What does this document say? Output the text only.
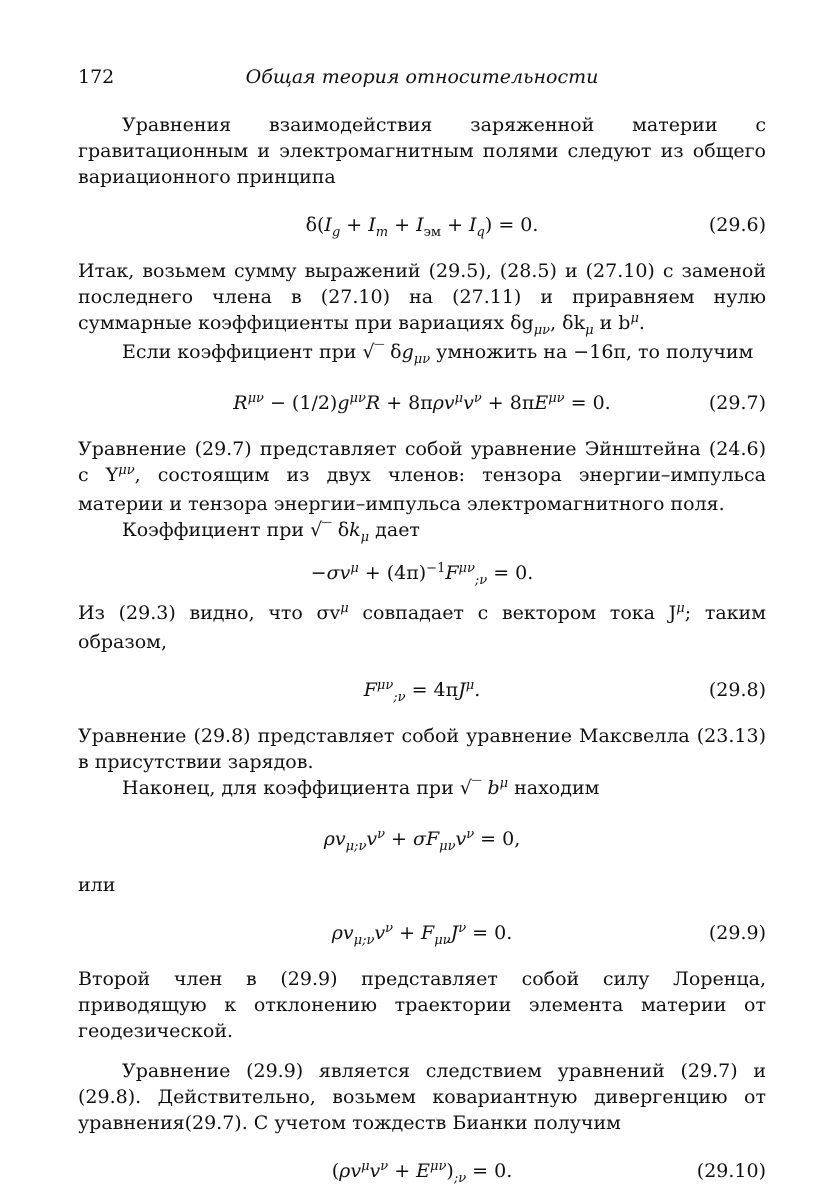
172	Общая теория относительности

Уравнения взаимодействия заряженной материи с гравитационным и электромагнитным полями следуют из общего вариационного принципа

$\delta(I_g + I_m + I_{эм} + I_q) = 0$.	(29.6)

Итак, возьмем сумму выражений (29.5), (28.5) и (27.10) с заменой последнего члена в (27.10) на (27.11) и приравняем нулю суммарные коэффициенты при вариациях $\delta g_{\mu\nu}$, $\delta k_\mu$ и $b^\mu$.

Если коэффициент при √‾ $\delta g_{\mu\nu}$ умножить на −16π, то получим

$R^{\mu\nu} - (1/2)g^{\mu\nu}R + 8\pi\rho v^\mu v^\nu + 8\pi E^{\mu\nu} = 0$.	(29.7)

Уравнение (29.7) представляет собой уравнение Эйнштейна (24.6) с $Y^{\mu\nu}$, состоящим из двух членов: тензора энергии–импульса материи и тензора энергии–импульса электромагнитного поля.

Коэффициент при √‾ $\delta k_\mu$ дает

$-\sigma v^\mu + (4\pi)^{-1}F^{\mu\nu}_{;\nu} = 0$.

Из (29.3) видно, что $\sigma v^\mu$ совпадает с вектором тока $J^\mu$; таким образом,

$F^{\mu\nu}_{;\nu} = 4\pi J^\mu$.	(29.8)

Уравнение (29.8) представляет собой уравнение Максвелла (23.13) в присутствии зарядов.

Наконец, для коэффициента при √‾ $b^\mu$ находим

$\rho v_{\mu;\nu}v^\nu + \sigma F_{\mu\nu}v^\nu = 0$,

или

$\rho v_{\mu;\nu}v^\nu + F_{\mu\nu}J^\nu = 0$.	(29.9)

Второй член в (29.9) представляет собой силу Лоренца, приводящую к отклонению траектории элемента материи от геодезической.

Уравнение (29.9) является следствием уравнений (29.7) и (29.8). Действительно, возьмем ковариантную дивергенцию от уравнения(29.7). С учетом тождеств Бианки получим

$(\rho v^\mu v^\nu + E^{\mu\nu})_{;\nu} = 0$.	(29.10)
